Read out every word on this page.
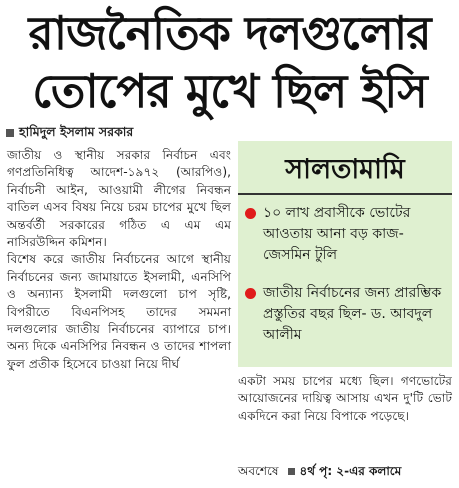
রাজনৈতিক দলগুলোর
তোপের মুখে ছিল ইসি
হামিদুল ইসলাম সরকার

জাতীয় ও স্থানীয় সরকার নির্বাচন এবং গণপ্রতিনিধিত্ব আদেশ-১৯৭২ (আরপিও), নির্বাচনী আইন, আওয়ামী লীগের নিবন্ধন বাতিল এসব বিষয় নিয়ে চরম চাপের মুখে ছিল অন্তর্বর্তী সরকারের গঠিত এ এম এম নাসিরউদ্দিন কমিশন।

বিশেষ করে জাতীয় নির্বাচনের আগে স্থানীয় নির্বাচনের জন্য জামায়াতে ইসলামী, এনসিপি ও অন্যান্য ইসলামী দলগুলো চাপ সৃষ্টি, বিপরীতে বিএনপিসহ তাদের সমমনা দলগুলোর জাতীয় নির্বাচনের ব্যাপারে চাপ। অন্য দিকে এনসিপির নিবন্ধন ও তাদের শাপলা ফুল প্রতীক হিসেবে চাওয়া নিয়ে দীর্ঘ

সালতামামি
১০ লাখ প্রবাসীকে ভোটের আওতায় আনা বড় কাজ-জেসমিন টুলি
জাতীয় নির্বাচনের জন্য প্রারম্ভিক প্রস্তুতির বছর ছিল- ড. আবদুল আলীম

একটা সময় চাপের মধ্যে ছিল। গণভোটের আয়োজনের দায়িত্ব আসায় এখন দু'টি ভোট একদিনে করা নিয়ে বিপাকে পড়েছে।

অবশেষে ৪র্থ পৃ: ২-এর কলামে
